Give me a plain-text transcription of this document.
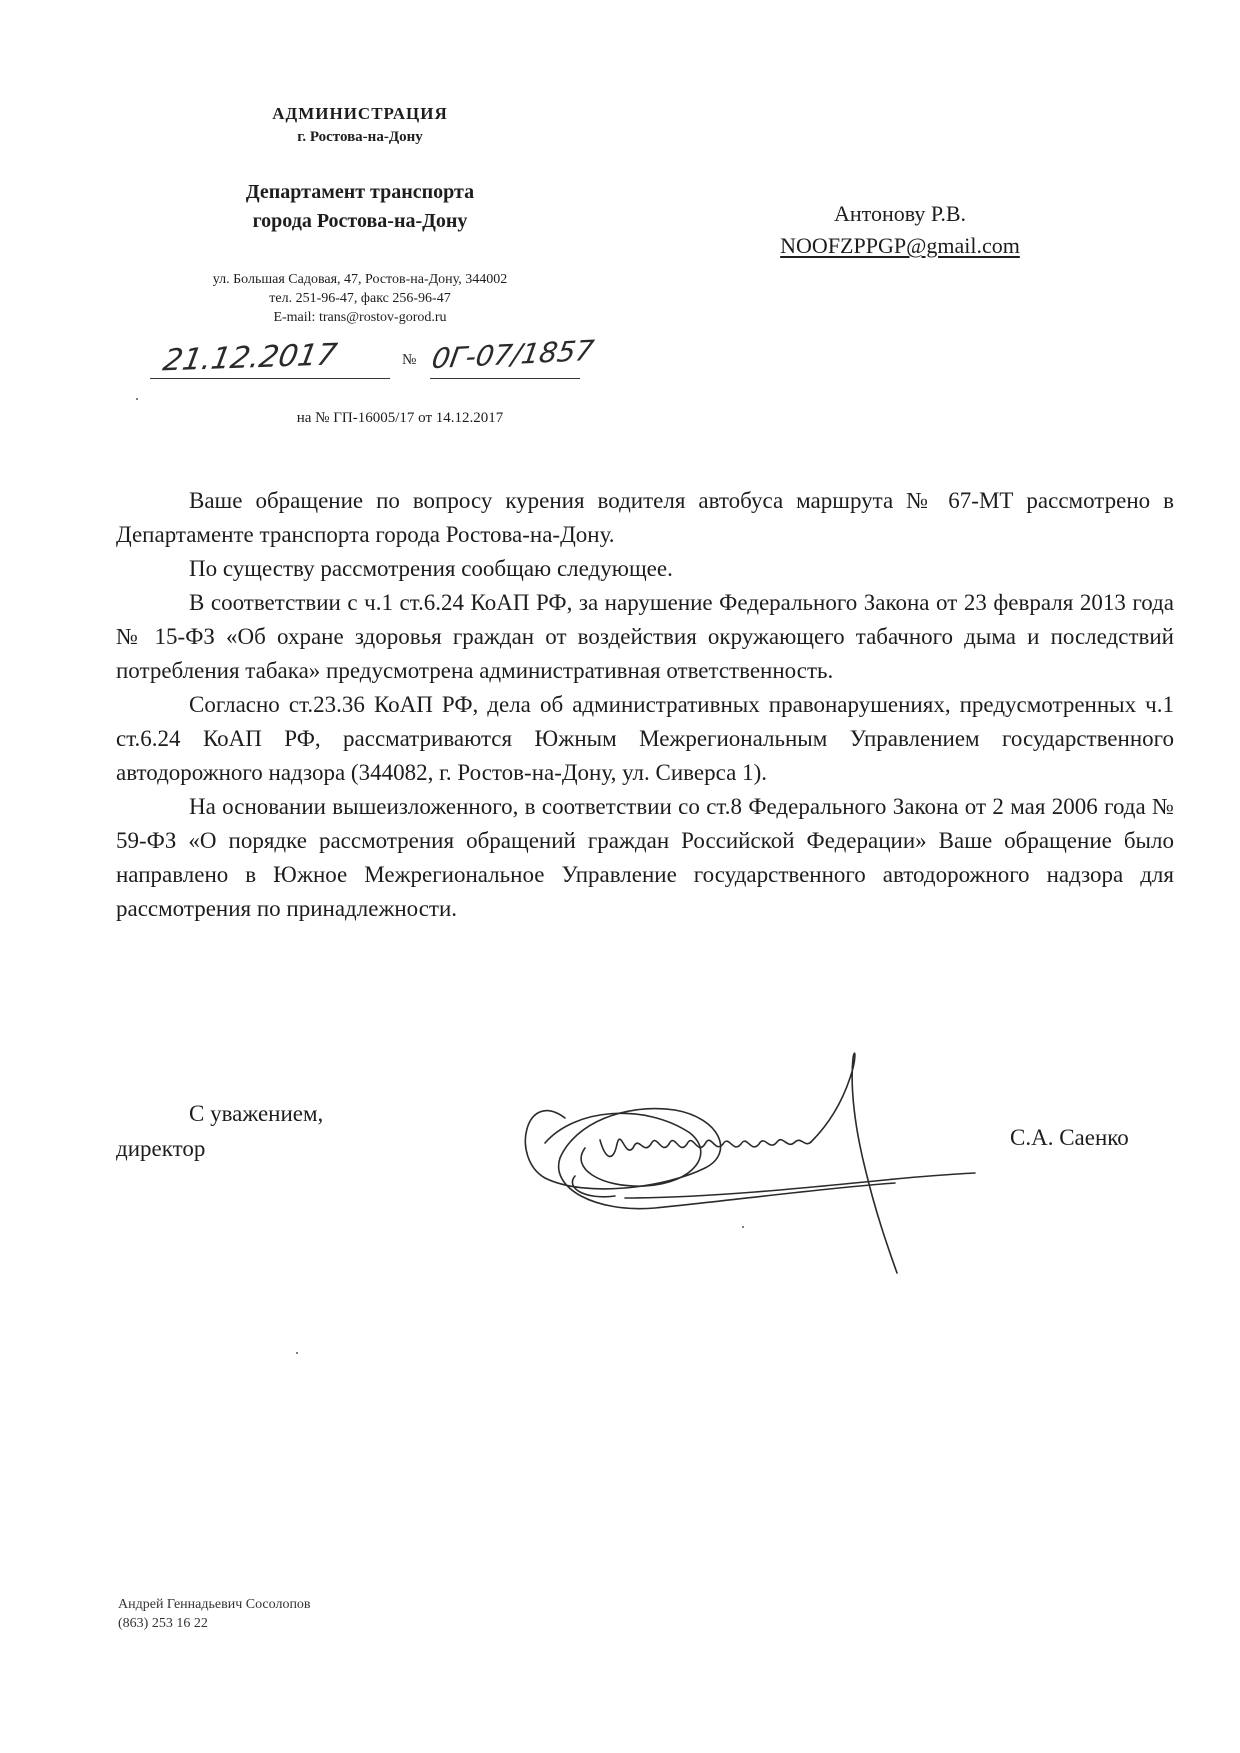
АДМИНИСТРАЦИЯ
г. Ростова-на-Дону
Департамент транспорта
города Ростова-на-Дону
ул. Большая Садовая, 47, Ростов-на-Дону, 344002
тел. 251-96-47, факс 256-96-47
E-mail: trans@rostov-gorod.ru
21.12.2017	№ 0Г-07/1857
на № ГП-16005/17 от 14.12.2017
Антонову Р.В.
NOOFZPPGP@gmail.com

Ваше обращение по вопросу курения водителя автобуса маршрута № 67-МТ рассмотрено в Департаменте транспорта города Ростова-на-Дону.

По существу рассмотрения сообщаю следующее.

В соответствии с ч.1 ст.6.24 КоАП РФ, за нарушение Федерального Закона от 23 февраля 2013 года № 15-ФЗ «Об охране здоровья граждан от воздействия окружающего табачного дыма и последствий потребления табака» предусмотрена административная ответственность.

Согласно ст.23.36 КоАП РФ, дела об административных правонарушениях, предусмотренных ч.1 ст.6.24 КоАП РФ, рассматриваются Южным Межрегиональным Управлением государственного автодорожного надзора (344082, г. Ростов-на-Дону, ул. Сиверса 1).

На основании вышеизложенного, в соответствии со ст.8 Федерального Закона от 2 мая 2006 года № 59-ФЗ «О порядке рассмотрения обращений граждан Российской Федерации» Ваше обращение было направлено в Южное Межрегиональное Управление государственного автодорожного надзора для рассмотрения по принадлежности.

С уважением,
директор	С.А. Саенко
Андрей Геннадьевич Сосолопов
(863) 253 16 22
